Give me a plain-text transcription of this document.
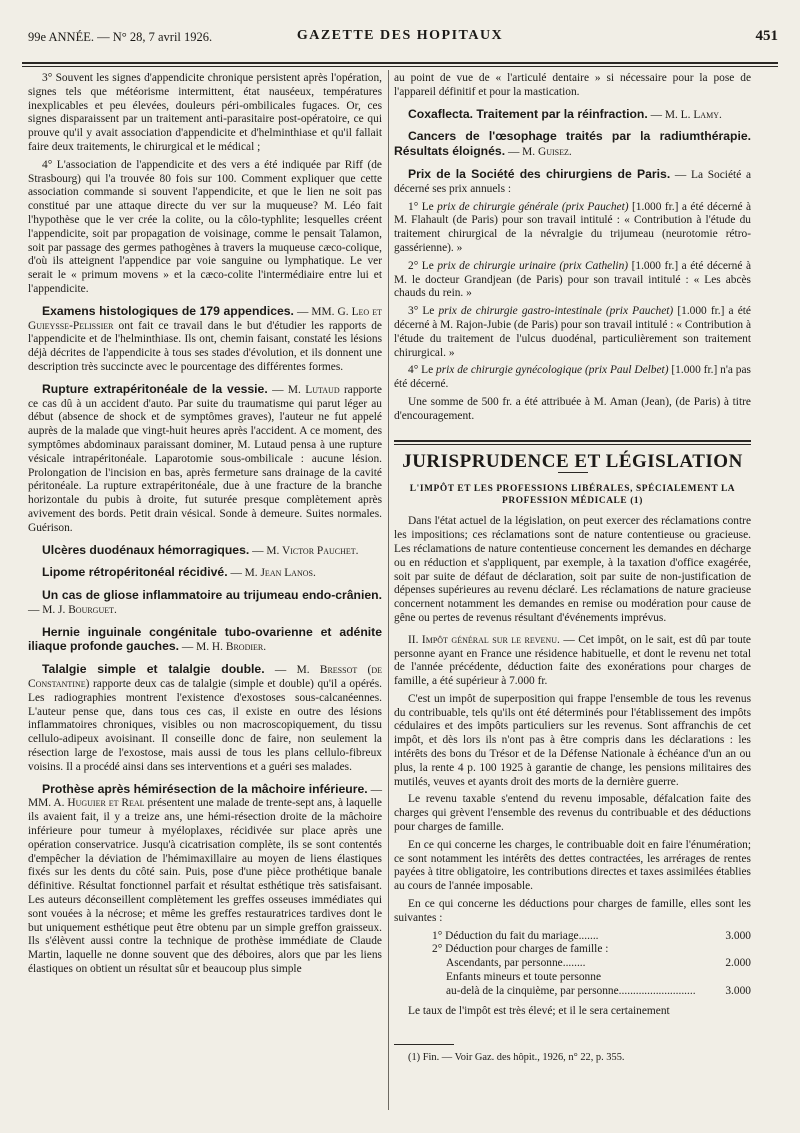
99e ANNÉE. — N° 28, 7 avril 1926.	GAZETTE DES HOPITAUX	451

3° Souvent les signes d'appendicite chronique persistent après l'opération, signes tels que météorisme intermittent, état nauséeux, températures inexplicables et peu élevées, douleurs péri-ombilicales fugaces. Or, ces signes disparaissent par un traitement anti-parasitaire post-opératoire, ce qui prouve qu'il y avait association d'appendicite et d'helminthiase et qu'il fallait faire deux traitements, le chirurgical et le médical ;

4° L'association de l'appendicite et des vers a été indiquée par Riff (de Strasbourg) qui l'a trouvée 80 fois sur 100. Comment expliquer que cette association commande si souvent l'appendicite, et que le lien ne soit pas constitué par une attaque directe du ver sur la muqueuse? M. Léo fait l'hypothèse que le ver crée la colite, ou la côlo-typhlite; lesquelles créent l'appendicite, soit par propagation de voisinage, comme le pensait Talamon, soit par passage des germes pathogènes à travers la muqueuse cæco-colique, d'où ils atteignent l'appendice par voie sanguine ou lymphatique. Le ver serait le « primum movens » et la cæco-colite l'intermédiaire entre lui et l'appendicite.

Examens histologiques de 179 appendices. — MM. G. Leo et Guieysse-Pelissier ont fait ce travail dans le but d'étudier les rapports de l'appendicite et de l'helminthiase. Ils ont, chemin faisant, constaté les lésions déjà décrites de l'appendicite à tous ses stades d'évolution, et ils donnent une description très succincte avec le pourcentage des différentes formes.

Rupture extrapéritonéale de la vessie. — M. Lutaud rapporte ce cas dû à un accident d'auto. Par suite du traumatisme qui parut léger au début (absence de shock et de symptômes graves), l'auteur ne fut appelé auprès de la malade que vingt-huit heures après l'accident. A ce moment, des symptômes abdominaux paraissant dominer, M. Lutaud pensa à une rupture vésicale intrapéritonéale. Laparotomie sous-ombilicale : aucune lésion. Prolongation de l'incision en bas, après fermeture sans drainage de la cavité péritonéale. La rupture extrapéritonéale, due à une fracture de la branche horizontale du pubis à droite, fut suturée presque complètement après avivement des bords. Petit drain vésical. Sonde à demeure. Suites normales. Guérison.

Ulcères duodénaux hémorragiques. — M. Victor Pauchet.

Lipome rétropéritonéal récidivé. — M. Jean Lanos.

Un cas de gliose inflammatoire au trijumeau endo-crânien. — M. J. Bourguet.

Hernie inguinale congénitale tubo-ovarienne et adénite iliaque profonde gauches. — M. H. Brodier.

Talalgie simple et talalgie double. — M. Bressot (de Constantine) rapporte deux cas de talalgie (simple et double) qu'il a opérés. Les radiographies montrent l'existence d'exostoses sous-calcanéennes. L'auteur pense que, dans tous ces cas, il existe en outre des lésions inflammatoires chroniques, visibles ou non macroscopiquement, du tissu cellulo-adipeux avoisinant. Il conseille donc de faire, non seulement la résection large de l'exostose, mais aussi de tous les plans cellulo-fibreux voisins. Il a procédé ainsi dans ses interventions et a guéri ses malades.

Prothèse après hémirésection de la mâchoire inférieure. — MM. A. Huguier et Real présentent une malade de trente-sept ans, à laquelle ils avaient fait, il y a treize ans, une hémi-résection droite de la mâchoire inférieure pour tumeur à myéloplaxes, récidivée sur place après une opération conservatrice. Jusqu'à cicatrisation complète, ils se sont contentés d'empêcher la déviation de l'hémimaxillaire au moyen de liens élastiques fixés sur les dents du côté sain. Puis, pose d'une pièce prothétique banale définitive. Résultat fonctionnel parfait et résultat esthétique très satisfaisant. Les auteurs déconseillent complètement les greffes osseuses immédiates qui sont vouées à la nécrose; et même les greffes restauratrices tardives dont le but uniquement esthétique peut être obtenu par un simple greffon graisseux. Ils s'élèvent aussi contre la technique de prothèse immédiate de Claude Martin, laquelle ne donne souvent que des déboires, alors que par les liens élastiques on obtient un résultat sûr et beaucoup plus simple

au point de vue de « l'articulé dentaire » si nécessaire pour la pose de l'appareil définitif et pour la mastication.

Coxaflecta. Traitement par la réinfraction. — M. L. Lamy.

Cancers de l'œsophage traités par la radiumthérapie. Résultats éloignés. — M. Guisez.

Prix de la Société des chirurgiens de Paris. — La Société a décerné ses prix annuels :

1° Le prix de chirurgie générale (prix Pauchet) [1.000 fr.] a été décerné à M. Flahault (de Paris) pour son travail intitulé : « Contribution à l'étude du traitement chirurgical de la névralgie du trijumeau (neurotomie rétro-gassérienne). »

2° Le prix de chirurgie urinaire (prix Cathelin) [1.000 fr.] a été décerné à M. le docteur Grandjean (de Paris) pour son travail intitulé : « Les abcès chauds du rein. »

3° Le prix de chirurgie gastro-intestinale (prix Pauchet) [1.000 fr.] a été décerné à M. Rajon-Jubie (de Paris) pour son travail intitulé : « Contribution à l'étude du traitement de l'ulcus duodénal, particulièrement son traitement chirurgical. »

4° Le prix de chirurgie gynécologique (prix Paul Delbet) [1.000 fr.] n'a pas été décerné.

Une somme de 500 fr. a été attribuée à M. Aman (Jean), (de Paris) à titre d'encouragement.

JURISPRUDENCE ET LÉGISLATION
L'IMPÔT ET LES PROFESSIONS LIBÉRALES, SPÉCIALEMENT LA PROFESSION MÉDICALE (1)

Dans l'état actuel de la législation, on peut exercer des réclamations contre les impositions; ces réclamations sont de nature contentieuse ou gracieuse. Les réclamations de nature contentieuse concernent les demandes en décharge ou en réduction et s'appliquent, par exemple, à la taxation d'office exagérée, soit par suite de défaut de déclaration, soit par suite de non-justification de dépenses supérieures au revenu déclaré. Les réclamations de nature gracieuse concernent notamment les demandes en remise ou modération pour cause de gêne ou pertes de revenus résultant d'événements imprévus.

II. Impôt général sur le revenu. — Cet impôt, on le sait, est dû par toute personne ayant en France une résidence habituelle, et dont le revenu net total de l'année précédente, déduction faite des exonérations pour charges de famille, a été supérieur à 7.000 fr.

C'est un impôt de superposition qui frappe l'ensemble de tous les revenus du contribuable, tels qu'ils ont été déterminés pour l'établissement des impôts cédulaires et des impôts particuliers sur les revenus. Sont affranchis de cet impôt, et dès lors ils n'ont pas à être compris dans les déclarations : les intérêts des bons du Trésor et de la Défense Nationale à échéance d'un an ou plus, la rente 4 p. 100 1925 à garantie de change, les pensions militaires des mutilés, veuves et ayants droit des morts de la dernière guerre.

Le revenu taxable s'entend du revenu imposable, défalcation faite des charges qui grèvent l'ensemble des revenus du contribuable et des déductions pour charges de famille.

En ce qui concerne les charges, le contribuable doit en faire l'énumération; ce sont notamment les intérêts des dettes contractées, les arrérages de rentes payées à titre obligatoire, les contributions directes et taxes assimilées établies au cours de l'année imposable.

En ce qui concerne les déductions pour charges de famille, elles sont les suivantes :

1° Déduction du fait du mariage.......	3.000
2° Déduction pour charges de famille :
Ascendants, par personne........	2.000
Enfants mineurs et toute personne
au-delà de la cinquième, par personne...........................	3.000

Le taux de l'impôt est très élevé; et il le sera certainement

(1) Fin. — Voir Gaz. des hôpit., 1926, n° 22, p. 355.
